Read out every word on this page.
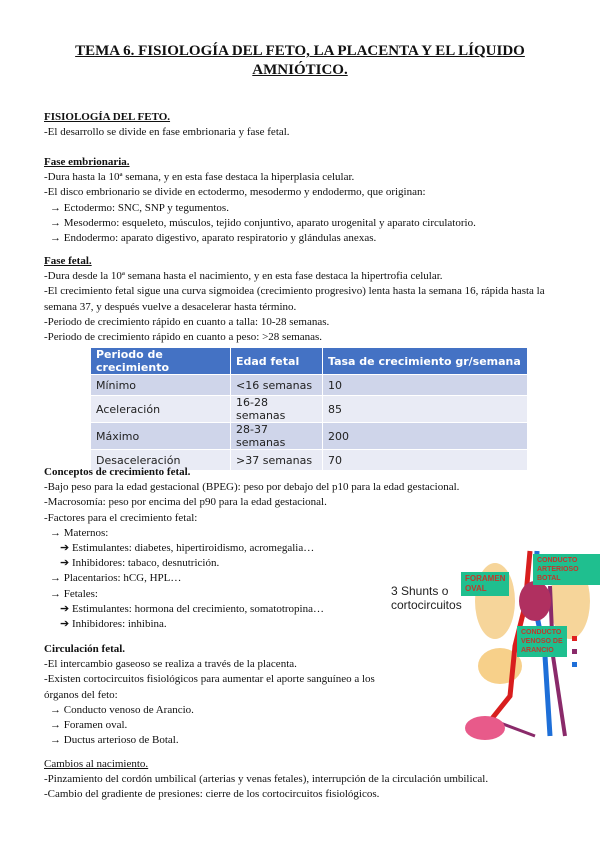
TEMA 6. FISIOLOGÍA DEL FETO, LA PLACENTA Y EL LÍQUIDO
AMNIÓTICO.
FISIOLOGÍA DEL FETO.
-El desarrollo se divide en fase embrionaria y fase fetal.
Fase embrionaria.
-Dura hasta la 10ª semana, y en esta fase destaca la hiperplasia celular.
-El disco embrionario se divide en ectodermo, mesodermo y endodermo, que originan:
→ Ectodermo: SNC, SNP y tegumentos.
→ Mesodermo: esqueleto, músculos, tejido conjuntivo, aparato urogenital y aparato circulatorio.
→ Endodermo: aparato digestivo, aparato respiratorio y glándulas anexas.
Fase fetal.
-Dura desde la 10ª semana hasta el nacimiento, y en esta fase destaca la hipertrofia celular.
-El crecimiento fetal sigue una curva sigmoidea (crecimiento progresivo) lenta hasta la semana 16, rápida hasta la
semana 37, y después vuelve a desacelerar hasta término.
-Periodo de crecimiento rápido en cuanto a talla: 10-28 semanas.
-Periodo de crecimiento rápido en cuanto a peso: >28 semanas.
Periodo de crecimiento	Edad fetal	Tasa de crecimiento gr/semana
Mínimo	<16 semanas	10
Aceleración	16-28 semanas	85
Máximo	28-37 semanas	200
Desaceleración	>37 semanas	70
Conceptos de crecimiento fetal.
-Bajo peso para la edad gestacional (BPEG): peso por debajo del p10 para la edad gestacional.
-Macrosomía: peso por encima del p90 para la edad gestacional.
-Factores para el crecimiento fetal:
→ Maternos:
➔ Estimulantes: diabetes, hipertiroidismo, acromegalia…
➔ Inhibidores: tabaco, desnutrición.
→ Placentarios: hCG, HPL…
→ Fetales:
➔ Estimulantes: hormona del crecimiento, somatotropina…
➔ Inhibidores: inhibina.
Circulación fetal.
-El intercambio gaseoso se realiza a través de la placenta.
-Existen cortocircuitos fisiológicos para aumentar el aporte sanguíneo a los
órganos del feto:
→ Conducto venoso de Arancio.
→ Foramen oval.
→ Ductus arterioso de Botal.
Cambios al nacimiento.
-Pinzamiento del cordón umbilical (arterias y venas fetales), interrupción de la circulación umbilical.
-Cambio del gradiente de presiones: cierre de los cortocircuitos fisiológicos.
3 Shunts o
cortocircuitos
CONDUCTO
ARTERIOSO BOTAL
FORAMEN
OVAL
CONDUCTO
VENOSO DE
ARANCIO
